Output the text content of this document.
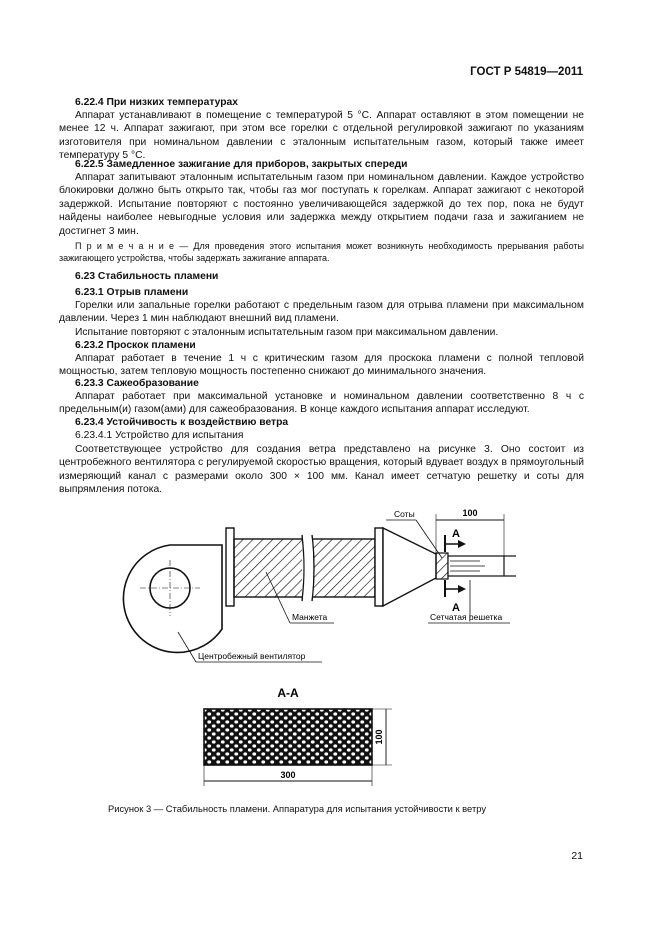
ГОСТ Р 54819—2011

6.22.4 При низких температурах

Аппарат устанавливают в помещение с температурой 5 °С. Аппарат оставляют в этом помещении не менее 12 ч. Аппарат зажигают, при этом все горелки с отдельной регулировкой зажигают по указаниям изготовителя при номинальном давлении с эталонным испытательным газом, который также имеет температуру 5 °С.

6.22.5 Замедленное зажигание для приборов, закрытых спереди

Аппарат запитывают эталонным испытательным газом при номинальном давлении. Каждое устройство блокировки должно быть открыто так, чтобы газ мог поступать к горелкам. Аппарат зажигают с некоторой задержкой. Испытание повторяют с постоянно увеличивающейся задержкой до тех пор, пока не будут найдены наиболее невыгодные условия или задержка между открытием подачи газа и зажиганием не достигнет 3 мин.

П р и м е ч а н и е — Для проведения этого испытания может возникнуть необходимость прерывания работы зажигающего устройства, чтобы задержать зажигание аппарата.

6.23 Стабильность пламени

6.23.1 Отрыв пламени

Горелки или запальные горелки работают с предельным газом для отрыва пламени при максимальном давлении. Через 1 мин наблюдают внешний вид пламени.

Испытание повторяют с эталонным испытательным газом при максимальном давлении.

6.23.2 Проскок пламени

Аппарат работает в течение 1 ч с критическим газом для проскока пламени с полной тепловой мощностью, затем тепловую мощность постепенно снижают до минимального значения.

6.23.3 Сажеобразование

Аппарат работает при максимальной установке и номинальном давлении соответственно 8 ч с предельным(и) газом(ами) для сажеобразования. В конце каждого испытания аппарат исследуют.

6.23.4 Устойчивость к воздействию ветра

6.23.4.1 Устройство для испытания

Соответствующее устройство для создания ветра представлено на рисунке 3. Оно состоит из центробежного вентилятора с регулируемой скоростью вращения, который вдувает воздух в прямоугольный измеряющий канал с размерами около 300 × 100 мм. Канал имеет сетчатую решетку и соты для выпрямления потока.

А
А
100
Соты
Манжета	Сетчатая решетка
Центробежный вентилятор
А-А
100
300
Рисунок 3 — Стабильность пламени. Аппаратура для испытания устойчивости к ветру
21
